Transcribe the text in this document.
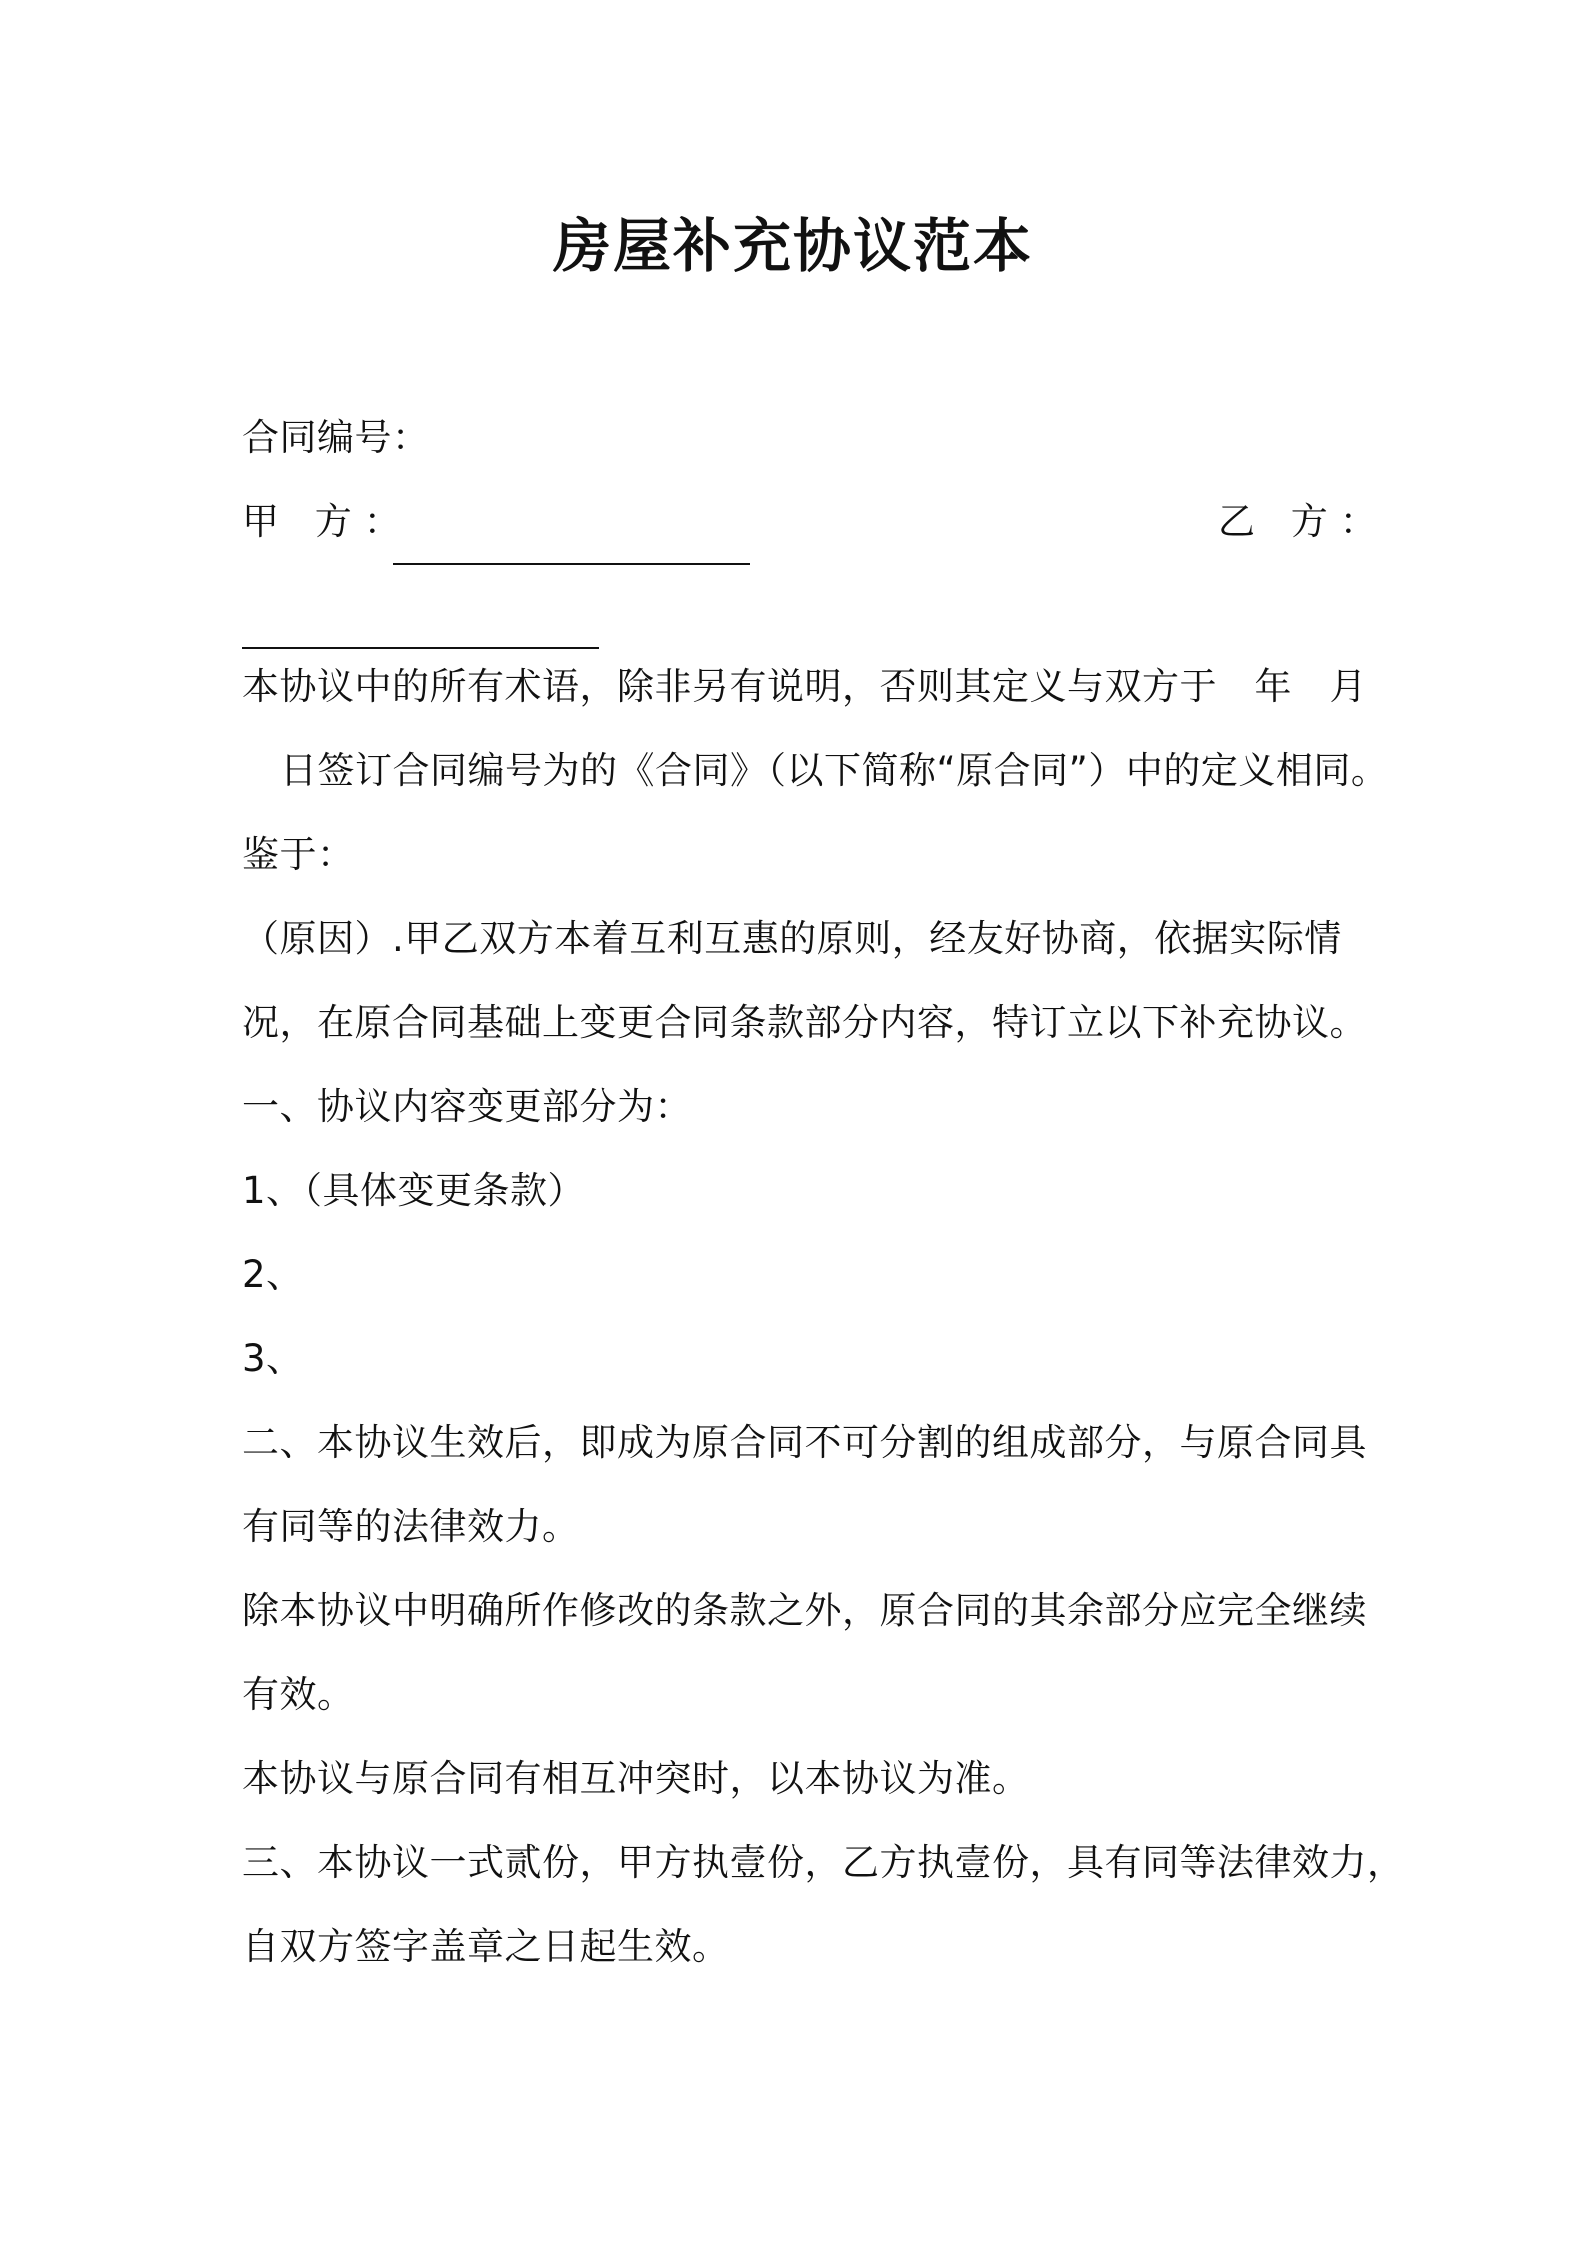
房屋补充协议范本
合同编号：
甲 方：	乙 方：
本协议中的所有术语，除非另有说明，否则其定义与双方于　年　月
日签订合同编号为的《合同》（以下简称“原合同”）中的定义相同。
鉴于：
（原因）.甲乙双方本着互利互惠的原则，经友好协商，依据实际情
况，在原合同基础上变更合同条款部分内容，特订立以下补充协议。
一、协议内容变更部分为：
1、（具体变更条款）
2、
3、
二、本协议生效后，即成为原合同不可分割的组成部分，与原合同具
有同等的法律效力。
除本协议中明确所作修改的条款之外，原合同的其余部分应完全继续
有效。
本协议与原合同有相互冲突时，以本协议为准。
三、本协议一式贰份，甲方执壹份，乙方执壹份，具有同等法律效力，
自双方签字盖章之日起生效。
